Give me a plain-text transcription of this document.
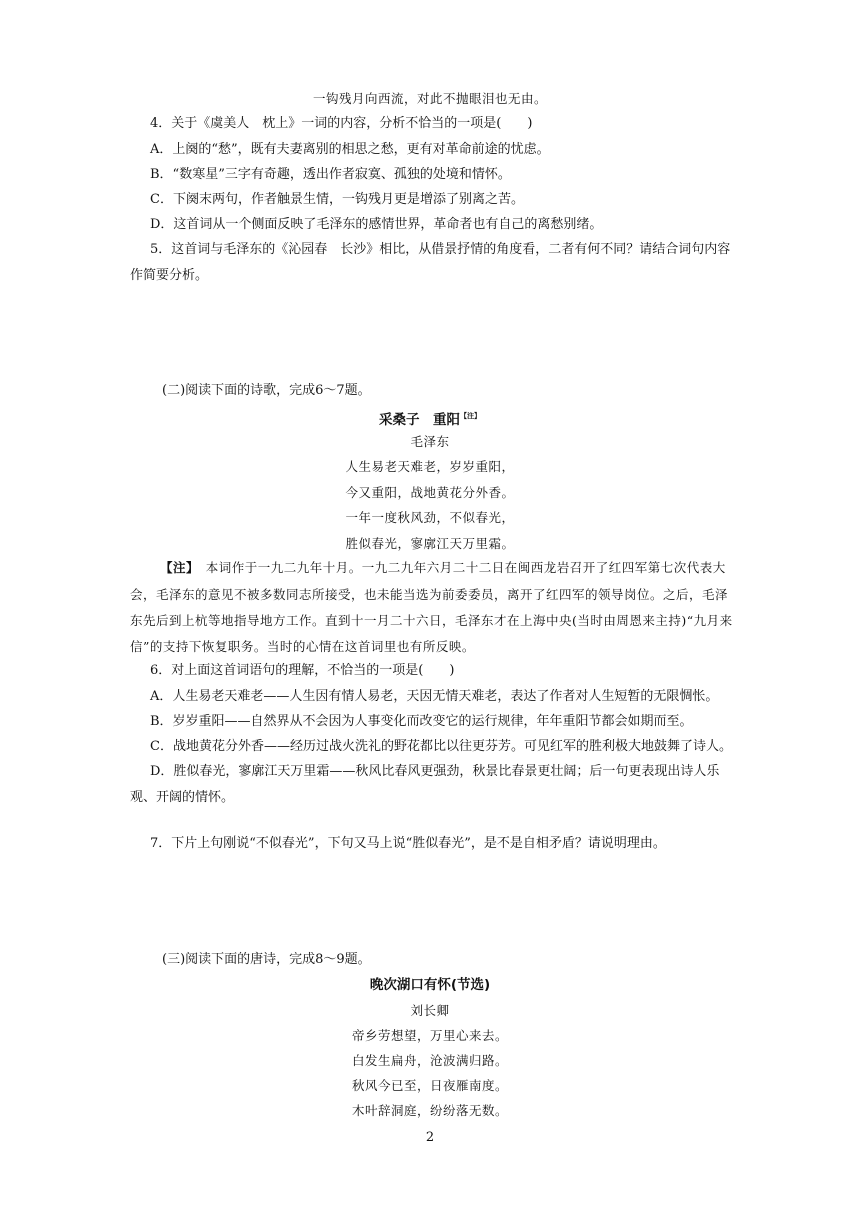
一钩残月向西流，对此不抛眼泪也无由。
4．关于《虞美人　枕上》一词的内容，分析不恰当的一项是(　　)
A．上阕的“愁”，既有夫妻离别的相思之愁，更有对革命前途的忧虑。
B．“数寒星”三字有奇趣，透出作者寂寞、孤独的处境和情怀。
C．下阕末两句，作者触景生情，一钩残月更是增添了别离之苦。
D．这首词从一个侧面反映了毛泽东的感情世界，革命者也有自己的离愁别绪。
5．这首词与毛泽东的《沁园春　长沙》相比，从借景抒情的角度看，二者有何不同？请结合词句内容
作简要分析。
(二)阅读下面的诗歌，完成6～7题。
采桑子　重阳$^{【注】}$
毛泽东
人生易老天难老，岁岁重阳，
今又重阳，战地黄花分外香。
一年一度秋风劲，不似春光，
胜似春光，寥廓江天万里霜。
【注】　本词作于一九二九年十月。一九二九年六月二十二日在闽西龙岩召开了红四军第七次代表大
会，毛泽东的意见不被多数同志所接受，也未能当选为前委委员，离开了红四军的领导岗位。之后，毛泽
东先后到上杭等地指导地方工作。直到十一月二十六日，毛泽东才在上海中央(当时由周恩来主持)“九月来
信”的支持下恢复职务。当时的心情在这首词里也有所反映。
6．对上面这首词语句的理解，不恰当的一项是(　　)
A．人生易老天难老——人生因有情人易老，天因无情天难老，表达了作者对人生短暂的无限惆怅。
B．岁岁重阳——自然界从不会因为人事变化而改变它的运行规律，年年重阳节都会如期而至。
C．战地黄花分外香——经历过战火洗礼的野花都比以往更芬芳。可见红军的胜利极大地鼓舞了诗人。
D．胜似春光，寥廓江天万里霜——秋风比春风更强劲，秋景比春景更壮阔；后一句更表现出诗人乐
观、开阔的情怀。
7．下片上句刚说“不似春光”，下句又马上说“胜似春光”，是不是自相矛盾？请说明理由。
(三)阅读下面的唐诗，完成8～9题。
晚次湖口有怀(节选)
刘长卿
帝乡劳想望，万里心来去。
白发生扁舟，沧波满归路。
秋风今已至，日夜雁南度。
木叶辞洞庭，纷纷落无数。
2
